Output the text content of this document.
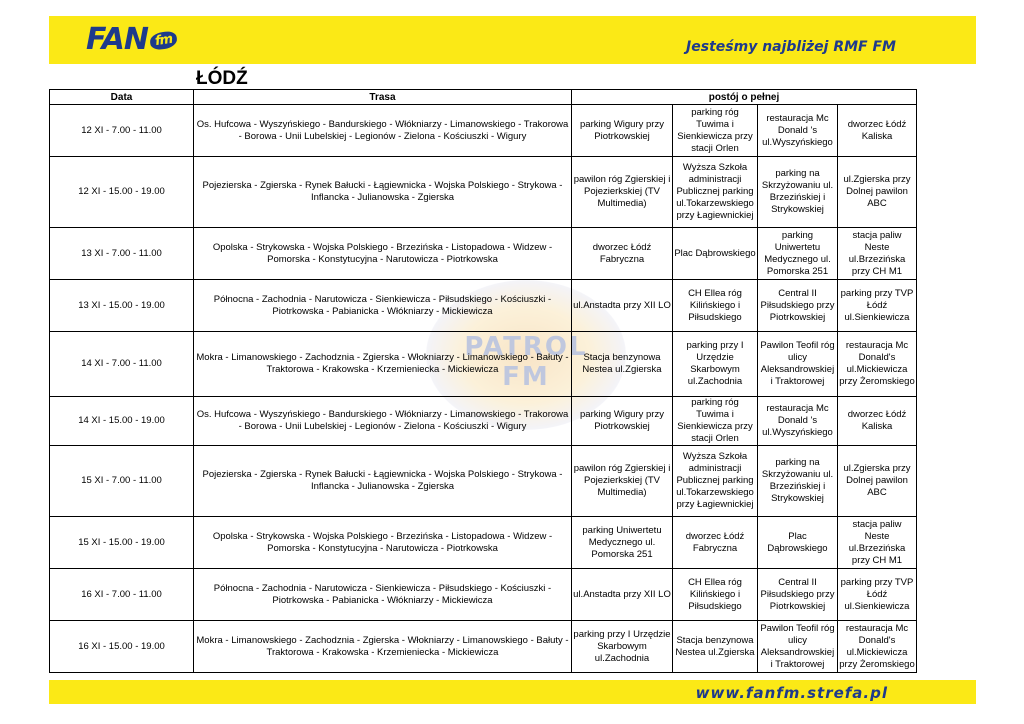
FAN fm	Jesteśmy najbliżej RMF FM
ŁÓDŹ
PATROL FM
Data	Trasa	postój o pełnej			
12 XI - 7.00 - 11.00	Os. Hufcowa - Wyszyńskiego - Bandurskiego - Włókniarzy - Limanowskiego - Trakorowa - Borowa - Unii Lubelskiej - Legionów - Zielona - Kościuszki - Wigury	parking Wigury przy Piotrkowskiej	parking róg Tuwima i Sienkiewicza przy stacji Orlen	restauracja Mc Donald 's ul.Wyszyńskiego	dworzec Łódź Kaliska
12 XI - 15.00 - 19.00	Pojezierska - Zgierska - Rynek Bałucki - Łągiewnicka - Wojska Polskiego - Strykowa - Inflancka - Julianowska - Zgierska	pawilon róg Zgierskiej i Pojezierkskiej (TV Multimedia)	Wyższa Szkoła administracji Publicznej parking ul.Tokarzewskiego przy Łagiewnickiej	parking na Skrzyżowaniu ul. Brzezińskiej i Strykowskiej	ul.Zgierska przy Dolnej pawilon ABC
13 XI - 7.00 - 11.00	Opolska - Strykowska - Wojska Polskiego - Brzezińska - Listopadowa - Widzew - Pomorska - Konstytucyjna - Narutowicza - Piotrkowska	dworzec Łódź Fabryczna	Plac Dąbrowskiego	parking Uniwertetu Medycznego ul. Pomorska 251	stacja paliw Neste ul.Brzezińska przy CH M1
13 XI - 15.00 - 19.00	Północna - Zachodnia - Narutowicza - Sienkiewicza - Piłsudskiego - Kościuszki - Piotrkowska - Pabianicka - Włókniarzy - Mickiewicza	ul.Anstadta przy XII LO	CH Ellea róg Kilińskiego i Piłsudskiego	Central II Piłsudskiego przy Piotrkowskiej	parking przy TVP Łódź ul.Sienkiewicza
14 XI - 7.00 - 11.00	Mokra - Limanowskiego - Zachodznia - Zgierska - Włokniarzy - Limanowskiego - Bałuty - Traktorowa - Krakowska - Krzemieniecka - Mickiewicza	Stacja benzynowa Nestea ul.Zgierska	parking przy I Urzędzie Skarbowym ul.Zachodnia	Pawilon Teofil róg ulicy Aleksandrowskiej i Traktorowej	restauracja Mc Donald's ul.Mickiewicza przy Żeromskiego
14 XI - 15.00 - 19.00	Os. Hufcowa - Wyszyńskiego - Bandurskiego - Włókniarzy - Limanowskiego - Trakorowa - Borowa - Unii Lubelskiej - Legionów - Zielona - Kościuszki - Wigury	parking Wigury przy Piotrkowskiej	parking róg Tuwima i Sienkiewicza przy stacji Orlen	restauracja Mc Donald 's ul.Wyszyńskiego	dworzec Łódź Kaliska
15 XI - 7.00 - 11.00	Pojezierska - Zgierska - Rynek Bałucki - Łągiewnicka - Wojska Polskiego - Strykowa - Inflancka - Julianowska - Zgierska	pawilon róg Zgierskiej i Pojezierkskiej (TV Multimedia)	Wyższa Szkoła administracji Publicznej parking ul.Tokarzewskiego przy Łagiewnickiej	parking na Skrzyżowaniu ul. Brzezińskiej i Strykowskiej	ul.Zgierska przy Dolnej pawilon ABC
15 XI - 15.00 - 19.00	Opolska - Strykowska - Wojska Polskiego - Brzezińska - Listopadowa - Widzew - Pomorska - Konstytucyjna - Narutowicza - Piotrkowska	parking Uniwertetu Medycznego ul. Pomorska 251	dworzec Łódź Fabryczna	Plac Dąbrowskiego	stacja paliw Neste ul.Brzezińska przy CH M1
16 XI - 7.00 - 11.00	Północna - Zachodnia - Narutowicza - Sienkiewicza - Piłsudskiego - Kościuszki - Piotrkowska - Pabianicka - Włókniarzy - Mickiewicza	ul.Anstadta przy XII LO	CH Ellea róg Kilińskiego i Piłsudskiego	Central II Piłsudskiego przy Piotrkowskiej	parking przy TVP Łódź ul.Sienkiewicza
16 XI - 15.00 - 19.00	Mokra - Limanowskiego - Zachodznia - Zgierska - Włokniarzy - Limanowskiego - Bałuty - Traktorowa - Krakowska - Krzemieniecka - Mickiewicza	parking przy I Urzędzie Skarbowym ul.Zachodnia	Stacja benzynowa Nestea ul.Zgierska	Pawilon Teofil róg ulicy Aleksandrowskiej i Traktorowej	restauracja Mc Donald's ul.Mickiewicza przy Żeromskiego
www.fanfm.strefa.pl
